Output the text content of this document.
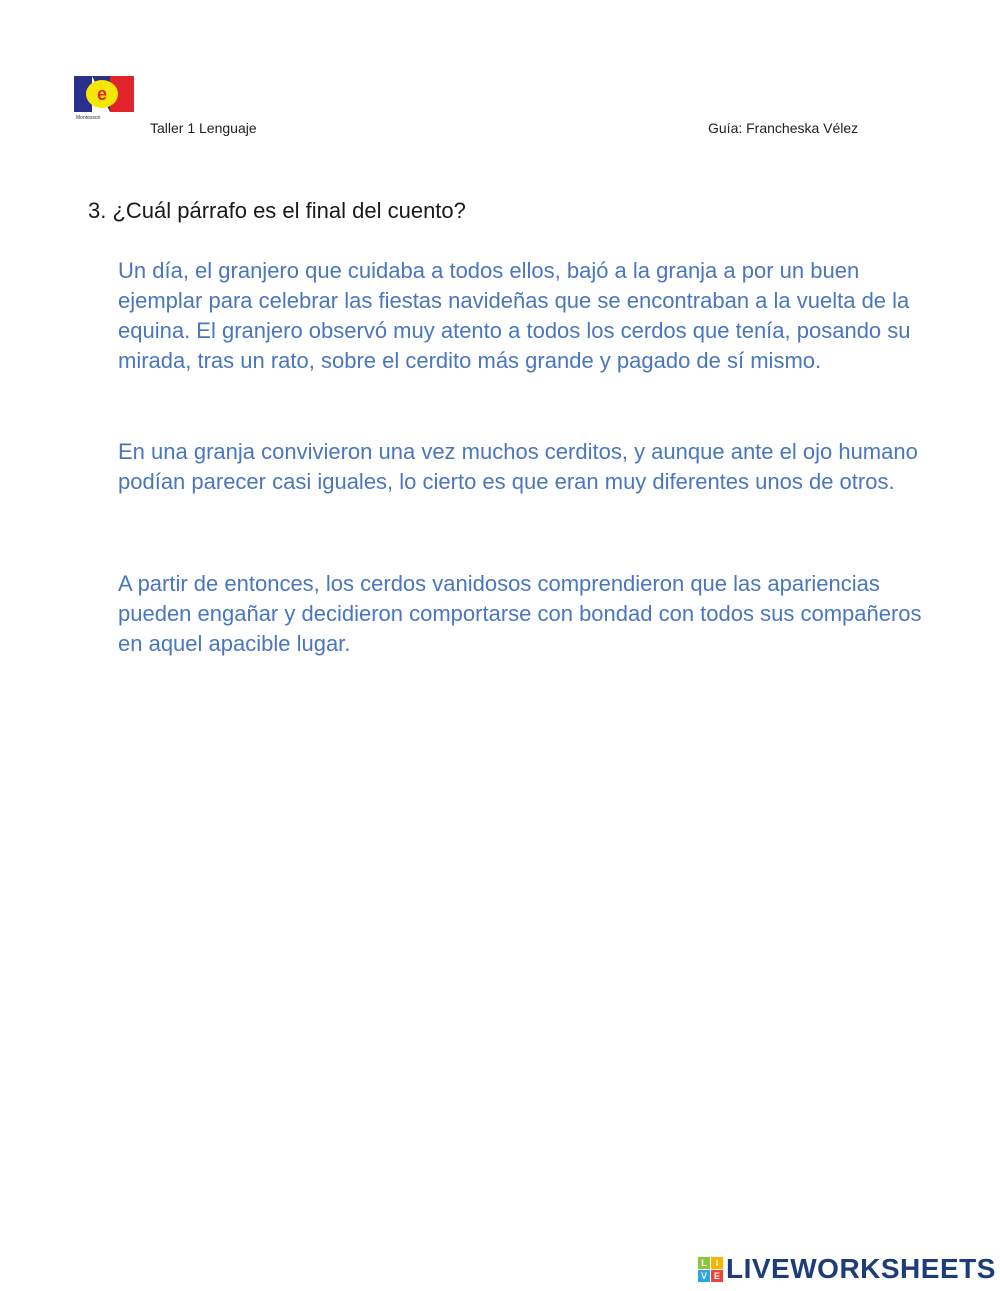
e
Montessori
Taller 1 Lenguaje	Guía: Francheska Vélez
3. ¿Cuál párrafo es el final del cuento?
Un día, el granjero que cuidaba a todos ellos, bajó a la granja a por un buen ejemplar para celebrar las fiestas navideñas que se encontraban a la vuelta de la equina. El granjero observó muy atento a todos los cerdos que tenía, posando su mirada, tras un rato, sobre el cerdito más grande y pagado de sí mismo.
En una granja convivieron una vez muchos cerditos, y aunque ante el ojo humano podían parecer casi iguales, lo cierto es que eran muy diferentes unos de otros.
A partir de entonces, los cerdos vanidosos comprendieron que las apariencias pueden engañar y decidieron comportarse con bondad con todos sus compañeros en aquel apacible lugar.
L I
V E LIVEWORKSHEETS
